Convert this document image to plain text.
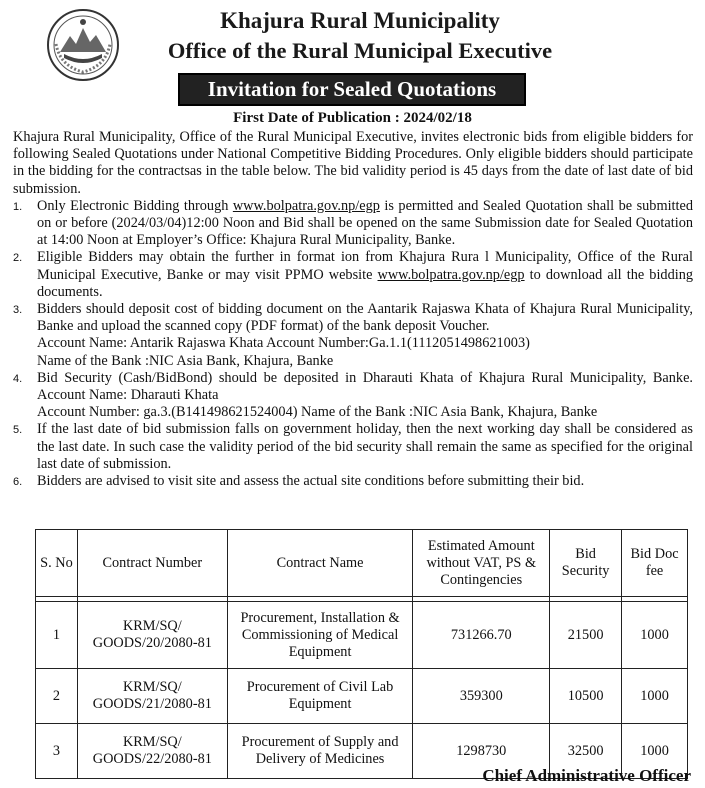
Khajura Rural Municipality
Office of the Rural Municipal Executive
Invitation for Sealed Quotations
First Date of Publication : 2024/02/18

Khajura Rural Municipality, Office of the Rural Municipal Executive, invites electronic bids from eligible bidders for following Sealed Quotations under National Competitive Bidding Procedures. Only eligible bidders should participate in the bidding for the contractsas in the table below. The bid validity period is 45 days from the date of last date of bid submission.

1. Only Electronic Bidding through www.bolpatra.gov.np/egp is permitted and Sealed Quotation shall be submitted on or before (2024/03/04)12:00 Noon and Bid shall be opened on the same Submission date for Sealed Quotation at 14:00 Noon at Employer’s Office: Khajura Rural Municipality, Banke.
2. Eligible Bidders may obtain the further in format ion from Khajura Rura l Municipality, Office of the Rural Municipal Executive, Banke or may visit PPMO website www.bolpatra.gov.np/egp to download all the bidding documents.
3. Bidders should deposit cost of bidding document on the Aantarik Rajaswa Khata of Khajura Rural Municipality, Banke and upload the scanned copy (PDF format) of the bank deposit Voucher.
Account Name: Antarik Rajaswa Khata Account Number:Ga.1.1(1112051498621003)
Name of the Bank :NIC Asia Bank, Khajura, Banke
4. Bid Security (Cash/BidBond) should be deposited in Dharauti Khata of Khajura Rural Municipality, Banke. Account Name: Dharauti Khata
Account Number: ga.3.(B141498621524004) Name of the Bank :NIC Asia Bank, Khajura, Banke
5. If the last date of bid submission falls on government holiday, then the next working day shall be considered as the last date. In such case the validity period of the bid security shall remain the same as specified for the original last date of submission.
6. Bidders are advised to visit site and assess the actual site conditions before submitting their bid.
S. No	Contract Number	Contract Name	Estimated Amount without VAT, PS & Contingencies	Bid Security	Bid Doc fee

1	KRM/SQ/ GOODS/20/2080-81	Procurement, Installation & Commissioning of Medical Equipment	731266.70	21500	1000
2	KRM/SQ/ GOODS/21/2080-81	Procurement of Civil Lab Equipment	359300	10500	1000
3	KRM/SQ/ GOODS/22/2080-81	Procurement of Supply and Delivery of Medicines	1298730	32500	1000
Chief Administrative Officer
